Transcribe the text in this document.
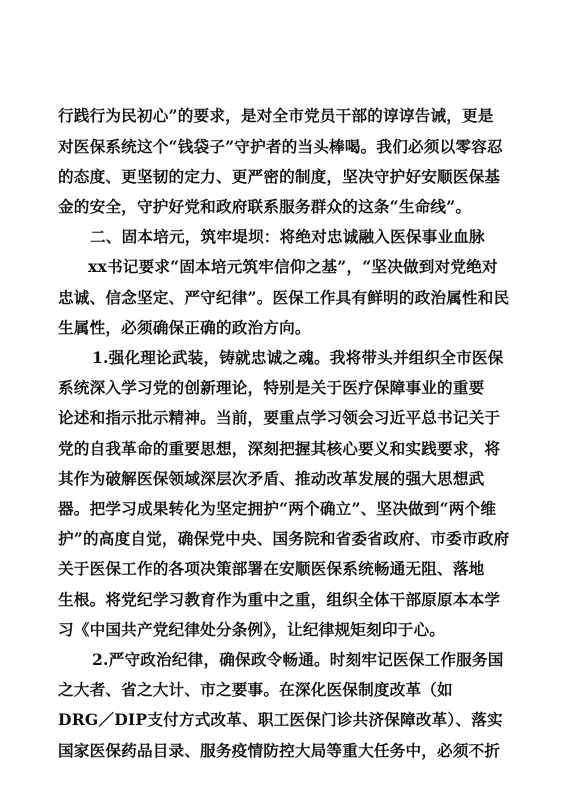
行践行为民初心”的要求，是对全市党员干部的谆谆告诫，更是
对医保系统这个“钱袋子”守护者的当头棒喝。我们必须以零容忍
的态度、更坚韧的定力、更严密的制度，坚决守护好安顺医保基
金的安全，守护好党和政府联系服务群众的这条“生命线”。
二、固本培元，筑牢堤坝：将绝对忠诚融入医保事业血脉
xx书记要求“固本培元筑牢信仰之基”，“坚决做到对党绝对
忠诚、信念坚定、严守纪律”。医保工作具有鲜明的政治属性和民
生属性，必须确保正确的政治方向。
1.强化理论武装，铸就忠诚之魂。我将带头并组织全市医保
系统深入学习党的创新理论，特别是关于医疗保障事业的重要
论述和指示批示精神。当前，要重点学习领会习近平总书记关于
党的自我革命的重要思想，深刻把握其核心要义和实践要求，将
其作为破解医保领域深层次矛盾、推动改革发展的强大思想武
器。把学习成果转化为坚定拥护“两个确立”、坚决做到“两个维
护”的高度自觉，确保党中央、国务院和省委省政府、市委市政府
关于医保工作的各项决策部署在安顺医保系统畅通无阻、落地
生根。将党纪学习教育作为重中之重，组织全体干部原原本本学
习《中国共产党纪律处分条例》，让纪律规矩刻印于心。
2.严守政治纪律，确保政令畅通。时刻牢记医保工作服务国
之大者、省之大计、市之要事。在深化医保制度改革（如
DRG／DIP支付方式改革、职工医保门诊共济保障改革）、落实
国家医保药品目录、服务疫情防控大局等重大任务中，必须不折
